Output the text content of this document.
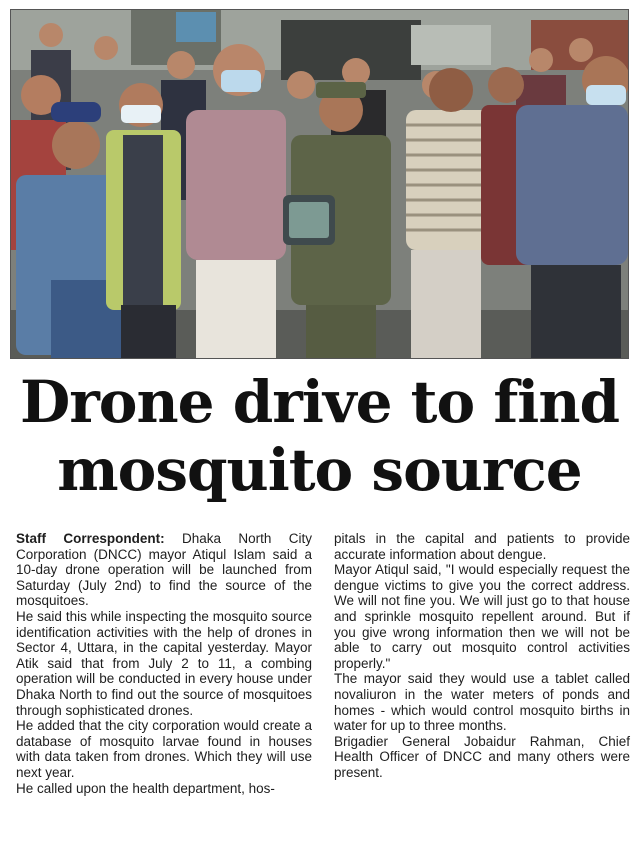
Drone drive to find
mosquito source

Staff Correspondent: Dhaka North City Corporation (DNCC) mayor Atiqul Islam said a 10-day drone operation will be launched from Saturday (July 2nd) to find the source of the mosquitoes.

He said this while inspecting the mosquito source identification activities with the help of drones in Sector 4, Uttara, in the capital yesterday. Mayor Atik said that from July 2 to 11, a combing operation will be conducted in every house under Dhaka North to find out the source of mosquitoes through sophisticated drones.

He added that the city corporation would create a database of mosquito larvae found in houses with data taken from drones. Which they will use next year.

He called upon the health department, hos-

pitals in the capital and patients to provide accurate information about dengue.

Mayor Atiqul said, "I would especially request the dengue victims to give you the correct address. We will not fine you. We will just go to that house and sprinkle mosquito repellent around. But if you give wrong information then we will not be able to carry out mosquito control activities properly."

The mayor said they would use a tablet called novaliuron in the water meters of ponds and homes - which would control mosquito births in water for up to three months.

Brigadier General Jobaidur Rahman, Chief Health Officer of DNCC and many others were present.
